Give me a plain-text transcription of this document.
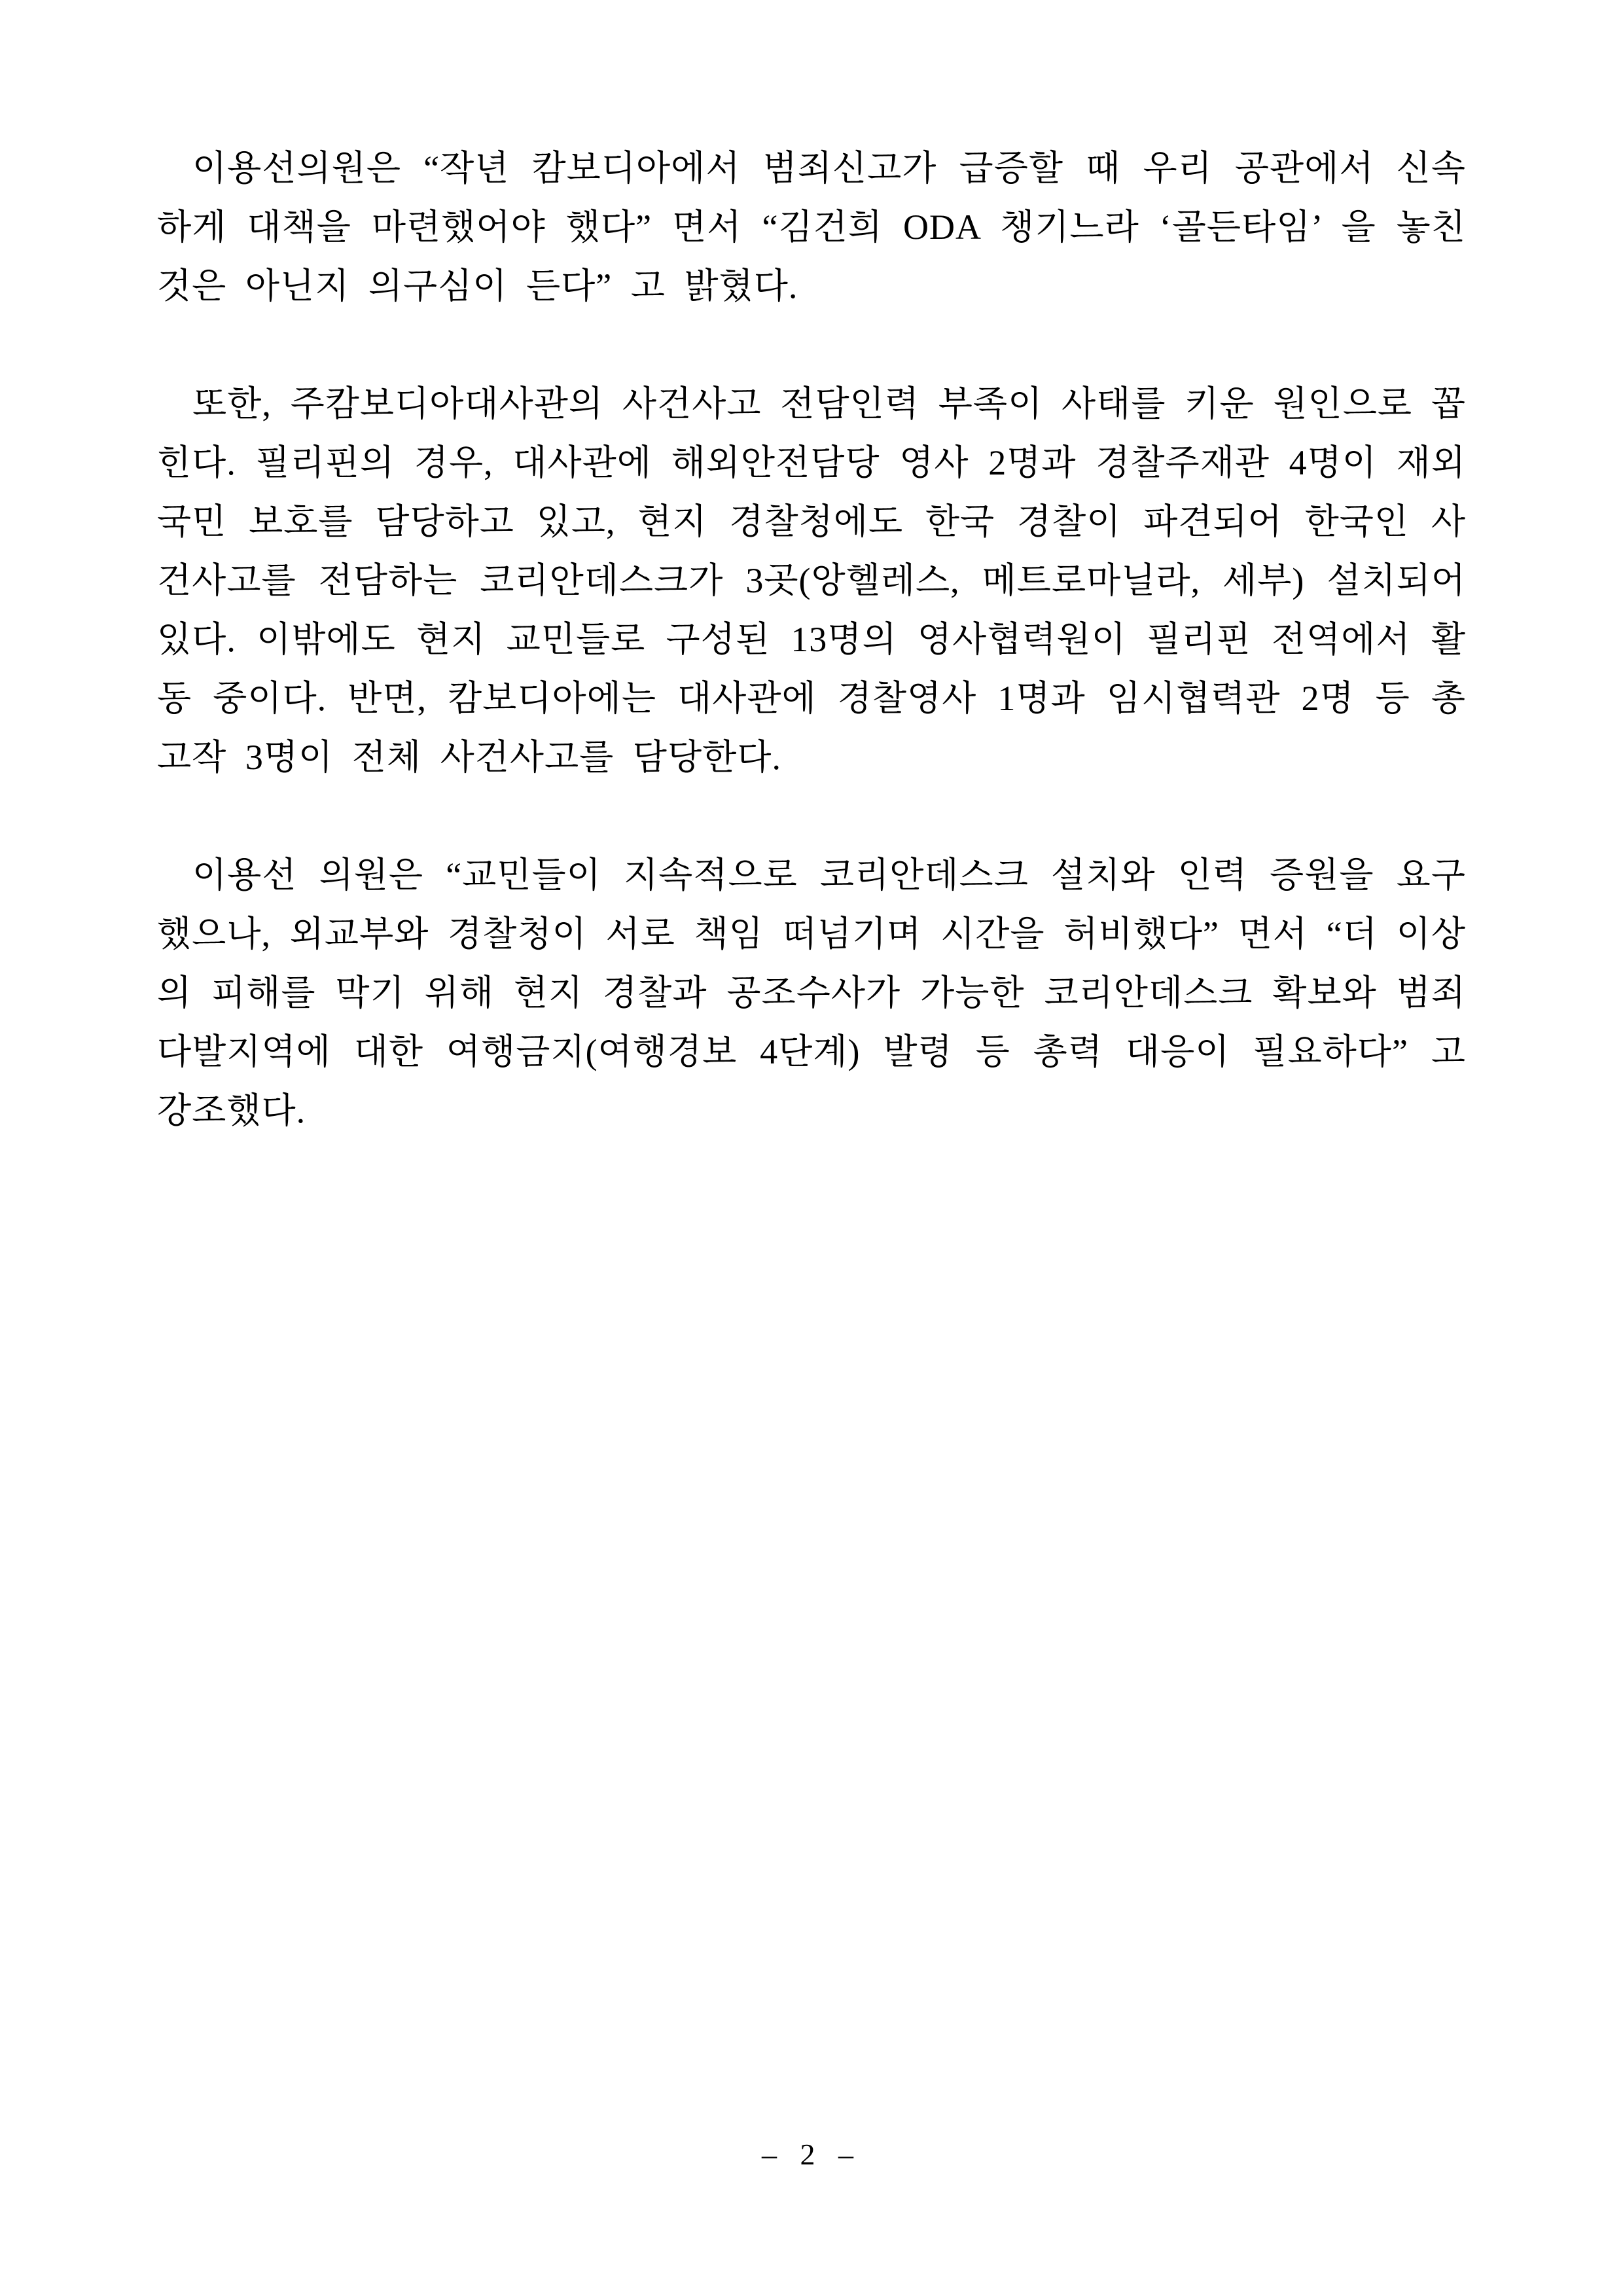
이용선의원은 “작년 캄보디아에서 범죄신고가 급증할 때 우리 공관에서 신속하게 대책을 마련했어야 했다” 면서 “김건희 ODA 챙기느라 ‘골든타임’ 을 놓친 것은 아닌지 의구심이 든다” 고 밝혔다.

또한, 주캄보디아대사관의 사건사고 전담인력 부족이 사태를 키운 원인으로 꼽힌다. 필리핀의 경우, 대사관에 해외안전담당 영사 2명과 경찰주재관 4명이 재외국민 보호를 담당하고 있고, 현지 경찰청에도 한국 경찰이 파견되어 한국인 사건사고를 전담하는 코리안데스크가 3곳(앙헬레스, 메트로마닐라, 세부) 설치되어 있다. 이밖에도 현지 교민들로 구성된 13명의 영사협력원이 필리핀 전역에서 활동 중이다. 반면, 캄보디아에는 대사관에 경찰영사 1명과 임시협력관 2명 등 총 고작 3명이 전체 사건사고를 담당한다.

이용선 의원은 “교민들이 지속적으로 코리안데스크 설치와 인력 증원을 요구했으나, 외교부와 경찰청이 서로 책임 떠넘기며 시간을 허비했다” 면서 “더 이상의 피해를 막기 위해 현지 경찰과 공조수사가 가능한 코리안데스크 확보와 범죄 다발지역에 대한 여행금지(여행경보 4단계) 발령 등 총력 대응이 필요하다” 고 강조했다.

– 2 –
